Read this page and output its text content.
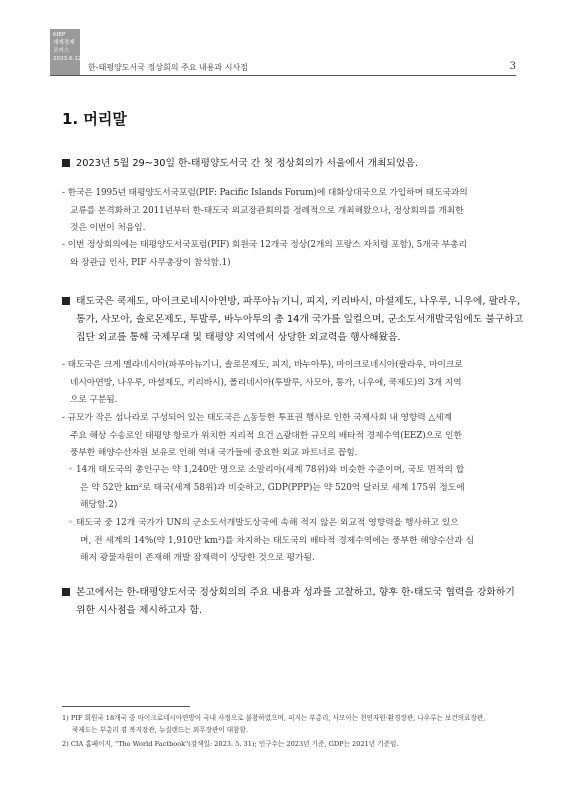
KIEP
세계경제
포커스
2023.6.12.
한-태평양도서국 정상회의 주요 내용과 시사점	3
1. 머리말
2023년 5월 29~30일 한-태평양도서국 간 첫 정상회의가 서울에서 개최되었음.
- 한국은 1995년 태평양도서국포럼(PIF: Pacific Islands Forum)에 대화상대국으로 가입하며 태도국과의
교류를 본격화하고 2011년부터 한-태도국 외교장관회의를 정례적으로 개최해왔으나, 정상회의를 개최한
것은 이번이 처음임.
- 이번 정상회의에는 태평양도서국포럼(PIF) 회원국 12개국 정상(2개의 프랑스 자치령 포함), 5개국 부총리
와 장관급 인사, PIF 사무총장이 참석함.1)
태도국은 쿡제도, 마이크로네시아연방, 파푸아뉴기니, 피지, 키리바시, 마셜제도, 나우루, 니우에, 팔라우,
통가, 사모아, 솔로몬제도, 투발루, 바누아투의 총 14개 국가를 일컬으며, 군소도서개발국임에도 불구하고
집단 외교를 통해 국제무대 및 태평양 지역에서 상당한 외교력을 행사해왔음.
- 태도국은 크게 멜라네시아(파푸아뉴기니, 솔로몬제도, 피지, 바누아투), 마이크로네시아(팔라우, 마이크로
네시아연방, 나우루, 마셜제도, 키리바시), 폴리네시아(투발루, 사모아, 통가, 니우에, 쿡제도)의 3개 지역
으로 구분됨.
- 규모가 작은 섬나라로 구성되어 있는 태도국은 △동등한 투표권 행사로 인한 국제사회 내 영향력 △세계
주요 해상 수송로인 태평양 항로가 위치한 지리적 요건 △광대한 규모의 배타적 경제수역(EEZ)으로 인한
풍부한 해양수산자원 보유로 인해 역내 국가들에 중요한 외교 파트너로 꼽힘.
◦ 14개 태도국의 총인구는 약 1,240만 명으로 소말리아(세계 78위)와 비슷한 수준이며, 국토 면적의 합
은 약 52만 km²로 태국(세계 58위)과 비슷하고, GDP(PPP)는 약 520억 달러로 세계 175위 정도에
해당함.2)
◦ 태도국 중 12개 국가가 UN의 군소도서개발도상국에 속해 적지 않은 외교적 영향력을 행사하고 있으
며, 전 세계의 14%(약 1,910만 km²)를 차지하는 태도국의 배타적 경제수역에는 풍부한 해양수산과 심
해저 광물자원이 존재해 개발 잠재력이 상당한 것으로 평가됨.
본고에서는 한-태평양도서국 정상회의의 주요 내용과 성과를 고찰하고, 향후 한-태도국 협력을 강화하기
위한 시사점을 제시하고자 함.
1) PIF 회원국 18개국 중 마이크로네시아연방이 국내 사정으로 불참하였으며, 피지는 부총리, 사모아는 천연자원·환경장관, 나우루는 보건의료장관,
쿡제도는 부총리 겸 복지장관, 뉴질랜드는 외무장관이 대참함.
2) CIA 홈페이지, "The World Factbook"(검색일: 2023. 5. 31); 인구수는 2023년 기준, GDP는 2021년 기준임.
